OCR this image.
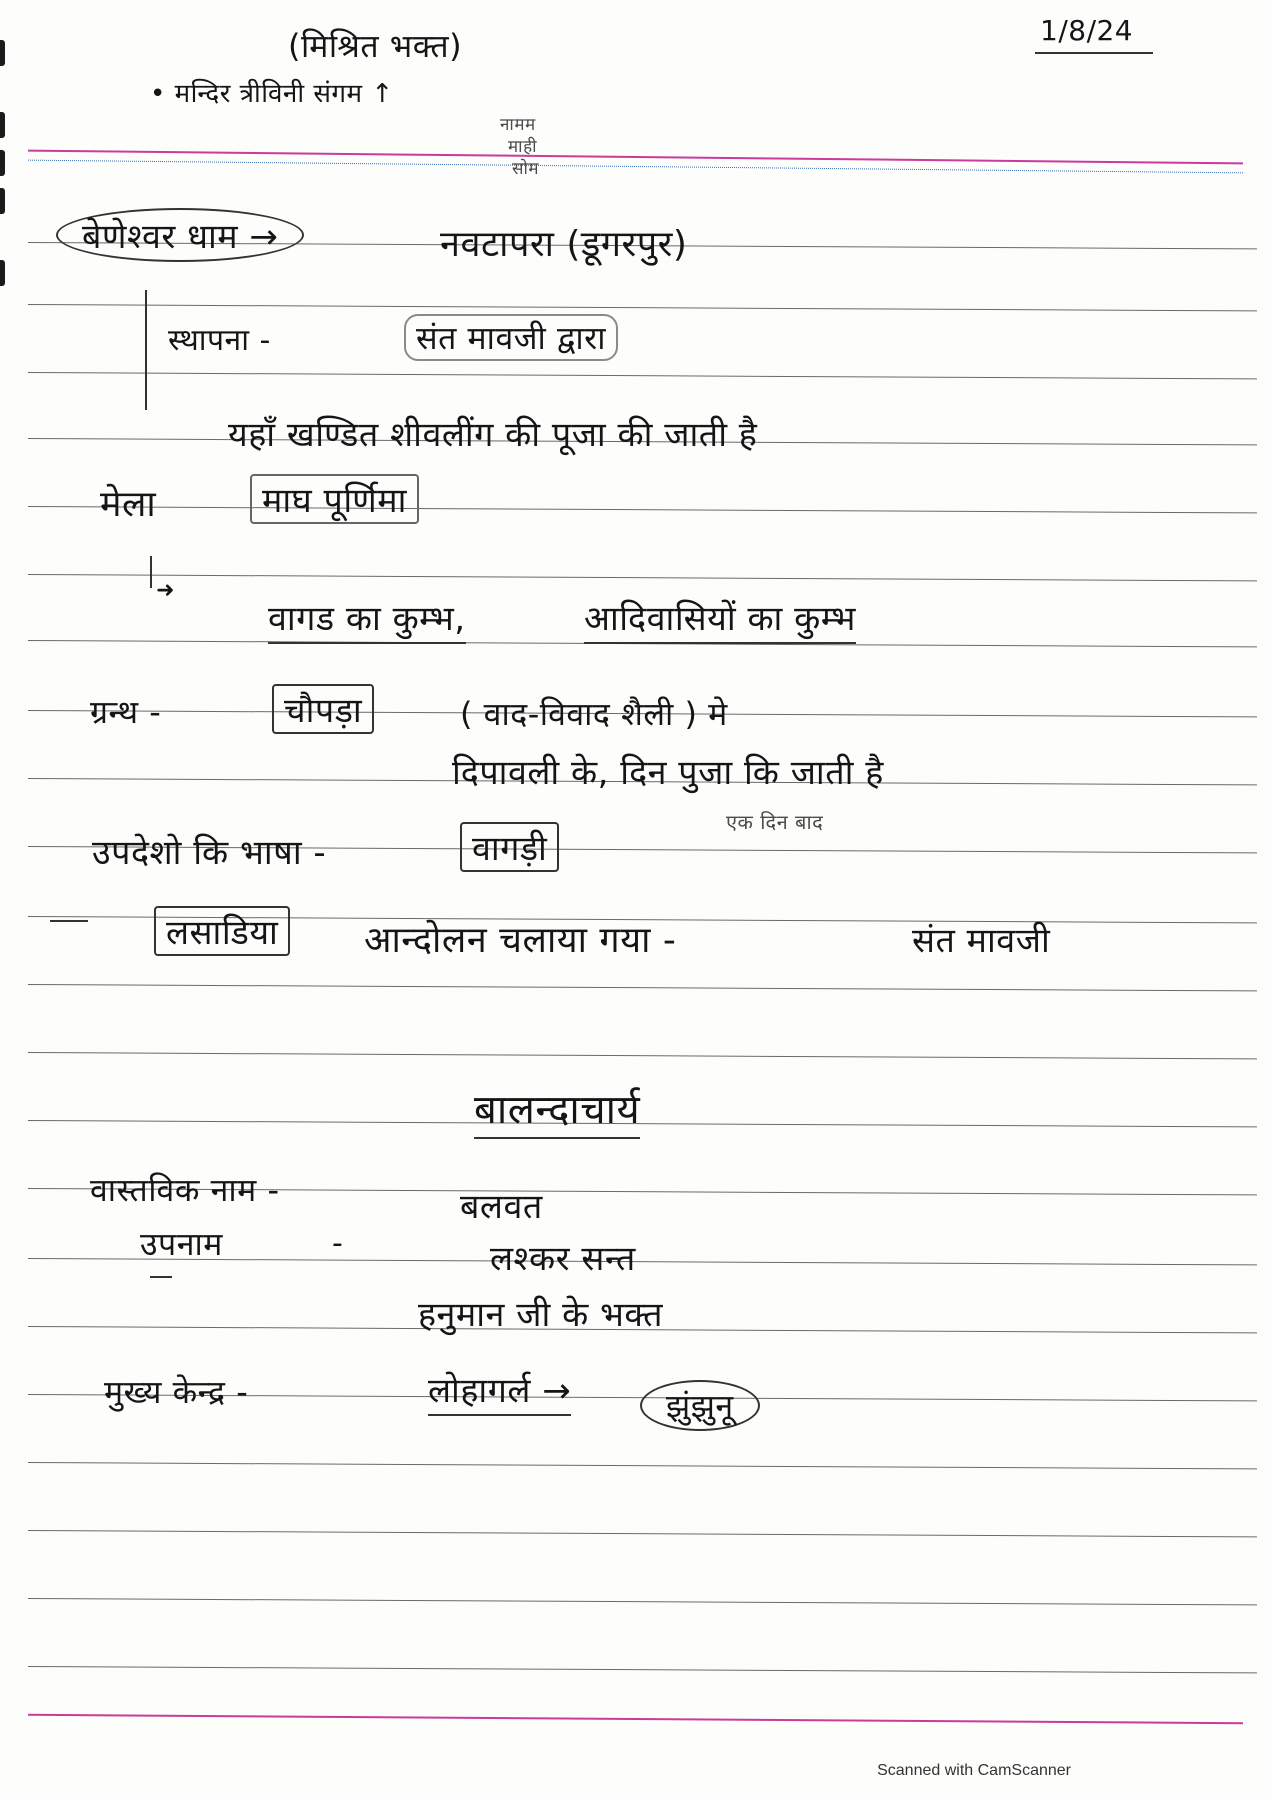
1/8/24
(मिश्रित भक्त)
• मन्दिर त्रीविनी संगम ↑
नामम
माही
सोम
बेणेश्वर धाम →	नवटापरा (डूगरपुर)
स्थापना -	संत मावजी द्वारा
यहाँ खण्डित शीवलींग की पूजा की जाती है
मेला	माघ पूर्णिमा
➜
वागड का कुम्भ,	आदिवासियों का कुम्भ
ग्रन्थ -	चौपड़ा	( वाद-विवाद शैली ) मे
दिपावली के, दिन पुजा कि जाती है
एक दिन बाद
उपदेशो कि भाषा -	वागड़ी
लसाडिया	आन्दोलन चलाया गया -	संत मावजी
बालन्दाचार्य
वास्तविक नाम -	बलवत
उपनाम	-	लश्कर सन्त
हनुमान जी के भक्त
मुख्य केन्द्र -	लोहागर्ल →	झुंझुनू
Scanned with CamScanner
